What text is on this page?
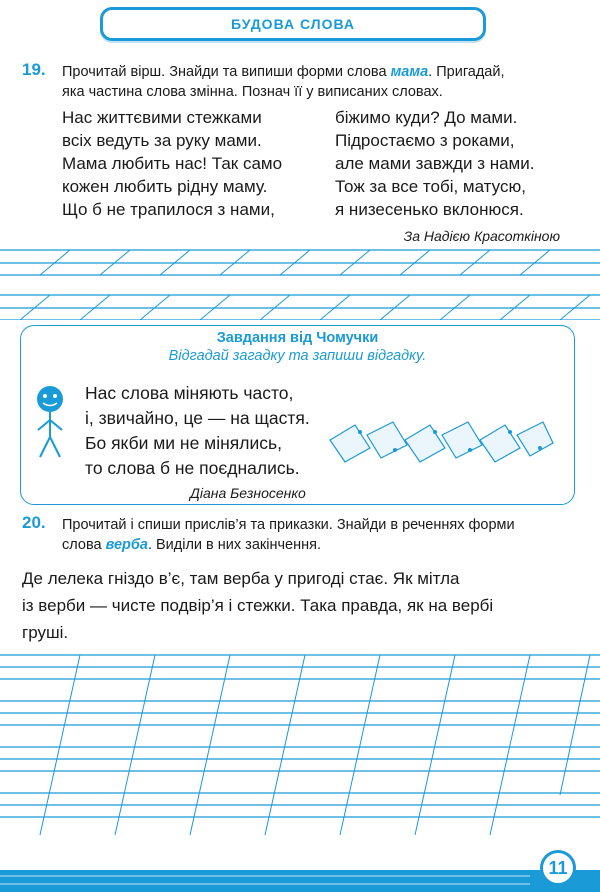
БУДОВА СЛОВА
19. Прочитай вірш. Знайди та випиши форми слова мама. Пригадай,
яка частина слова змінна. Познач її у виписаних словах.
Нас життєвими стежками
всіх ведуть за руку мами.
Мама любить нас! Так само
кожен любить рідну маму.
Що б не трапилося з нами,
біжимо куди? До мами.
Підростаємо з роками,
але мами завжди з нами.
Тож за все тобі, матусю,
я низесенько вклонюся.
За Надією Красоткіною
Завдання від Чомучки
Відгадай загадку та запиши відгадку.
Нас слова міняють часто,
і, звичайно, це — на щастя.
Бо якби ми не мінялись,
то слова б не поєднались.
Діана Безносенко
20. Прочитай і спиши прислів’я та приказки. Знайди в реченнях форми
слова верба. Виділи в них закінчення.
Де лелека гніздо в’є, там верба у пригоді стає. Як мітла
із верби — чисте подвір’я і стежки. Така правда, як на вербі
груші.
11
